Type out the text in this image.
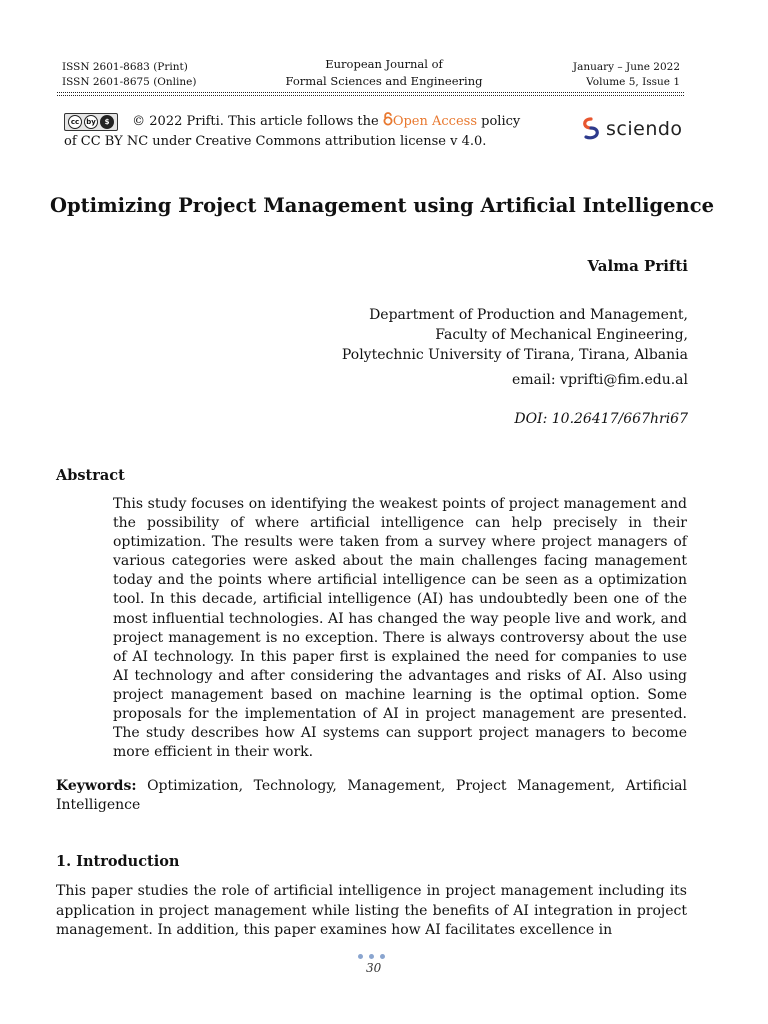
ISSN 2601-8683 (Print)
ISSN 2601-8675 (Online)
European Journal of
Formal Sciences and Engineering
January – June 2022
Volume 5, Issue 1
cc	by	$	© 2022 Prifti. This article follows the Open Access policy
of CC BY NC under Creative Commons attribution license v 4.0.
sciendo
Optimizing Project Management using Artificial Intelligence
Valma Prifti
Department of Production and Management,
Faculty of Mechanical Engineering,
Polytechnic University of Tirana, Tirana, Albania
email: vprifti@fim.edu.al
DOI: 10.26417/667hri67
Abstract
This study focuses on identifying the weakest points of project management and the possibility of where artificial intelligence can help precisely in their optimization. The results were taken from a survey where project managers of various categories were asked about the main challenges facing management today and the points where artificial intelligence can be seen as a optimization tool. In this decade, artificial intelligence (AI) has undoubtedly been one of the most influential technologies. AI has changed the way people live and work, and project management is no exception. There is always controversy about the use of AI technology. In this paper first is explained the need for companies to use AI technology and after considering the advantages and risks of AI. Also using project management based on machine learning is the optimal option. Some proposals for the implementation of AI in project management are presented. The study describes how AI systems can support project managers to become more efficient in their work.
Keywords: Optimization, Technology, Management, Project Management, Artificial Intelligence
1. Introduction
This paper studies the role of artificial intelligence in project management including its application in project management while listing the benefits of AI integration in project management. In addition, this paper examines how AI facilitates excellence in
30
